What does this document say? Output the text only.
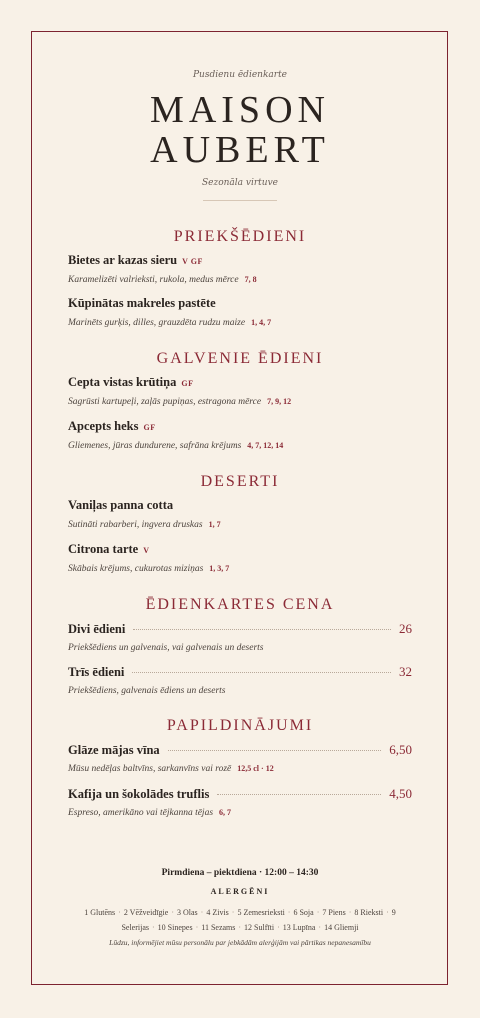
Pusdienu ēdienkarte
MAISON
AUBERT
Sezonāla virtuve
PRIEKŠĒDIENI
Bietes ar kazas sieru V GF
Karamelizēti valrieksti, rukola, medus mērce 7, 8
Kūpinātas makreles pastēte
Marinēts gurķis, dilles, grauzdēta rudzu maize 1, 4, 7
GALVENIE ĒDIENI
Cepta vistas krūtiņa GF
Sagrūsti kartupeļi, zaļās pupiņas, estragona mērce 7, 9, 12
Apcepts heks GF
Gliemenes, jūras dundurene, safrāna krējums 4, 7, 12, 14
DESERTI
Vaniļas panna cotta
Sutināti rabarberi, ingvera druskas 1, 7
Citrona tarte V
Skābais krējums, cukurotas miziņas 1, 3, 7
ĒDIENKARTES CENA
Divi ēdieni	26
Priekšēdiens un galvenais, vai galvenais un deserts
Trīs ēdieni	32
Priekšēdiens, galvenais ēdiens un deserts
PAPILDINĀJUMI
Glāze mājas vīna	6,50
Mūsu nedēļas baltvīns, sarkanvīns vai rozē 12,5 cl · 12
Kafija un šokolādes truflis	4,50
Espreso, amerikāno vai tējkanna tējas 6, 7
Pirmdiena – piektdiena · 12:00 – 14:30
ALERGĒNI
1 Glutēns · 2 Vēžveidīgie · 3 Olas · 4 Zivis · 5 Zemesrieksti · 6 Soja · 7 Piens · 8 Rieksti · 9 Selerijas · 10 Sinepes · 11 Sezams · 12 Sulfīti · 13 Lupīna · 14 Gliemji
Lūdzu, informējiet mūsu personālu par jebkādām alerģijām vai pārtikas nepanesamību
